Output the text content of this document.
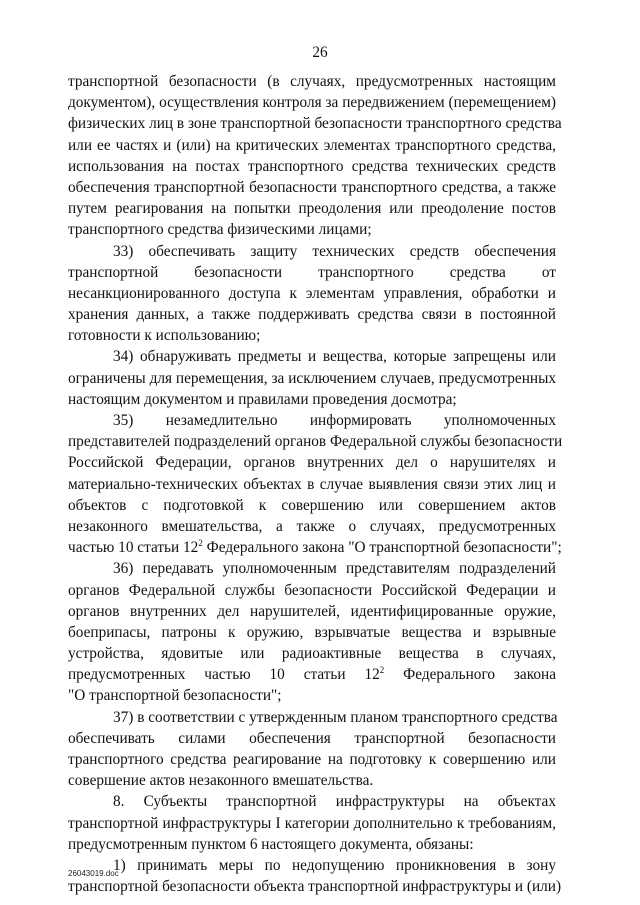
26
транспортной безопасности (в случаях, предусмотренных настоящим
документом), осуществления контроля за передвижением (перемещением)
физических лиц в зоне транспортной безопасности транспортного средства
или ее частях и (или) на критических элементах транспортного средства,
использования на постах транспортного средства технических средств
обеспечения транспортной безопасности транспортного средства, а также
путем реагирования на попытки преодоления или преодоление постов
транспортного средства физическими лицами;
33) обеспечивать защиту технических средств обеспечения
транспортной безопасности транспортного средства от
несанкционированного доступа к элементам управления, обработки и
хранения данных, а также поддерживать средства связи в постоянной
готовности к использованию;
34) обнаруживать предметы и вещества, которые запрещены или
ограничены для перемещения, за исключением случаев, предусмотренных
настоящим документом и правилами проведения досмотра;
35) незамедлительно информировать уполномоченных
представителей подразделений органов Федеральной службы безопасности
Российской Федерации, органов внутренних дел о нарушителях и
материально-технических объектах в случае выявления связи этих лиц и
объектов с подготовкой к совершению или совершением актов
незаконного вмешательства, а также о случаях, предусмотренных
частью 10 статьи $12^2$ Федерального закона "О транспортной безопасности";
36) передавать уполномоченным представителям подразделений
органов Федеральной службы безопасности Российской Федерации и
органов внутренних дел нарушителей, идентифицированные оружие,
боеприпасы, патроны к оружию, взрывчатые вещества и взрывные
устройства, ядовитые или радиоактивные вещества в случаях,
предусмотренных частью 10 статьи $12^2$ Федерального закона
"О транспортной безопасности";
37) в соответствии с утвержденным планом транспортного средства
обеспечивать силами обеспечения транспортной безопасности
транспортного средства реагирование на подготовку к совершению или
совершение актов незаконного вмешательства.
8. Субъекты транспортной инфраструктуры на объектах
транспортной инфраструктуры I категории дополнительно к требованиям,
предусмотренным пунктом 6 настоящего документа, обязаны:
1) принимать меры по недопущению проникновения в зону
транспортной безопасности объекта транспортной инфраструктуры и (или)
26043019.doc
